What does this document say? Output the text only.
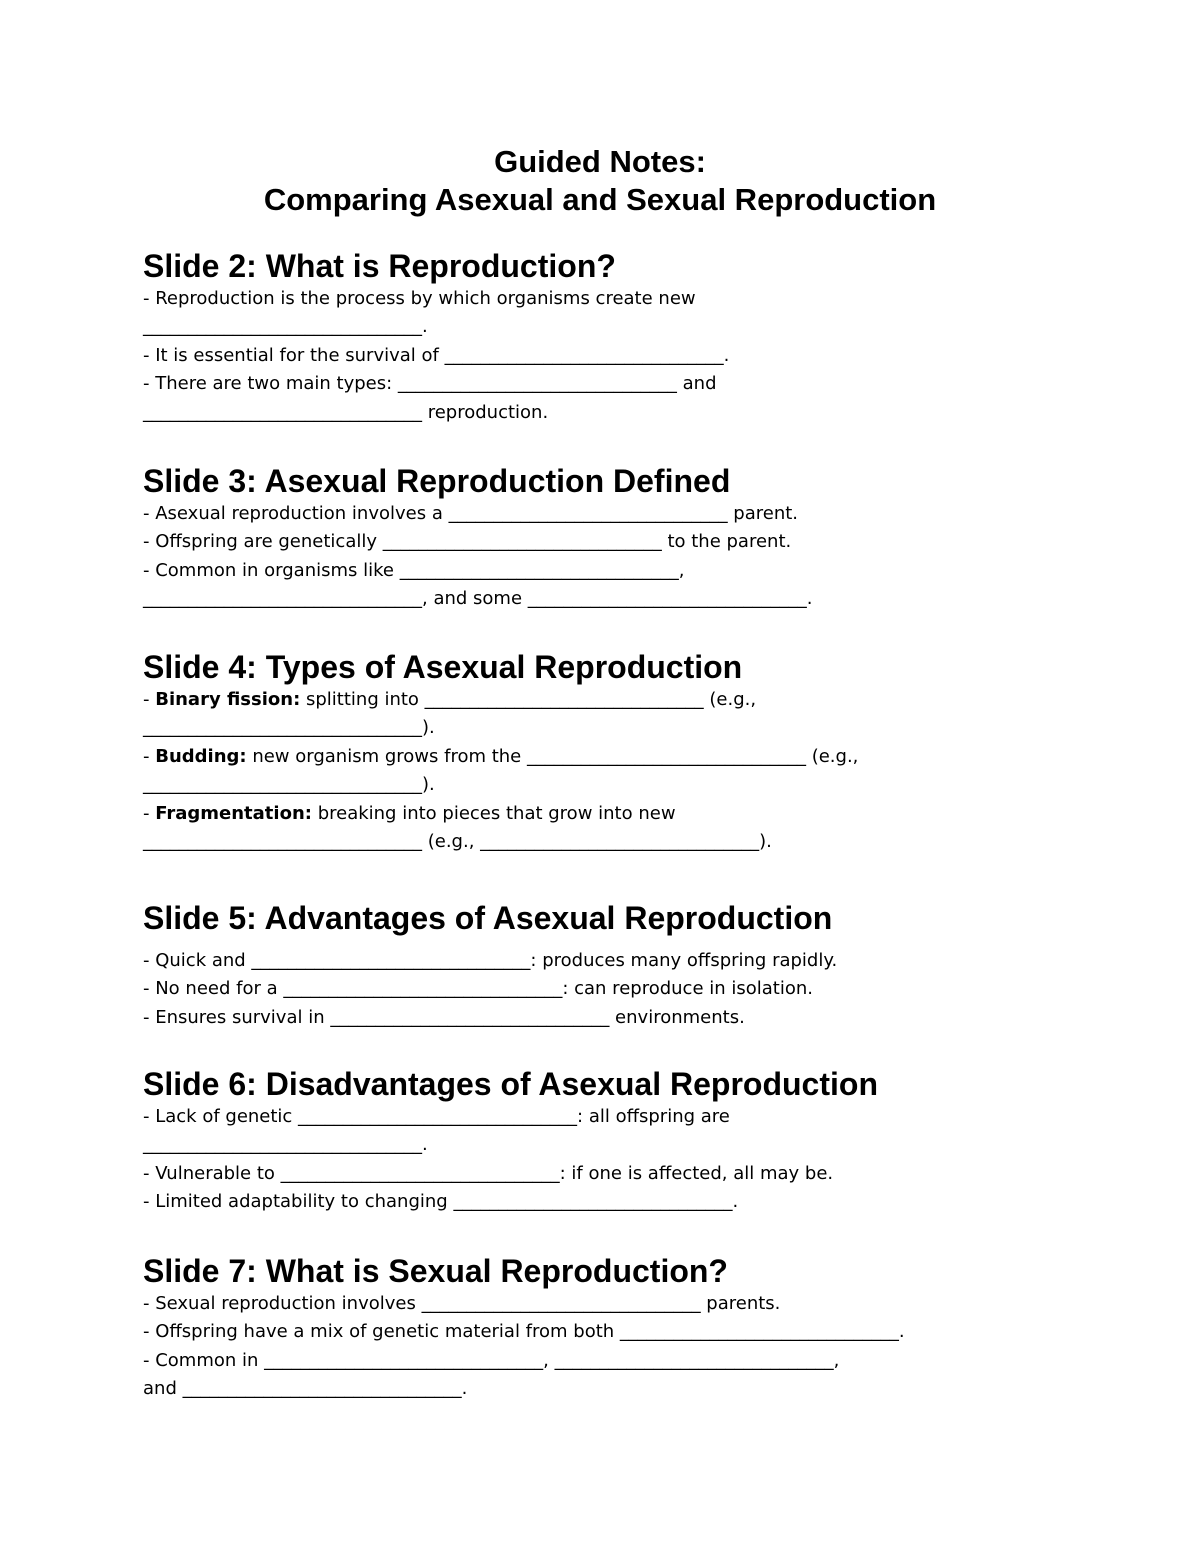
Guided Notes:
Comparing Asexual and Sexual Reproduction
Slide 2: What is Reproduction?
- Reproduction is the process by which organisms create new
_______________________________.
- It is essential for the survival of _______________________________.
- There are two main types: _______________________________ and
_______________________________ reproduction.
Slide 3: Asexual Reproduction Defined
- Asexual reproduction involves a _______________________________ parent.
- Offspring are genetically _______________________________ to the parent.
- Common in organisms like _______________________________,
_______________________________, and some _______________________________.
Slide 4: Types of Asexual Reproduction
- Binary fission: splitting into _______________________________ (e.g.,
_______________________________).
- Budding: new organism grows from the _______________________________ (e.g.,
_______________________________).
- Fragmentation: breaking into pieces that grow into new
_______________________________ (e.g., _______________________________).
Slide 5: Advantages of Asexual Reproduction
- Quick and _______________________________: produces many offspring rapidly.
- No need for a _______________________________: can reproduce in isolation.
- Ensures survival in _______________________________ environments.
Slide 6: Disadvantages of Asexual Reproduction
- Lack of genetic _______________________________: all offspring are
_______________________________.
- Vulnerable to _______________________________: if one is affected, all may be.
- Limited adaptability to changing _______________________________.
Slide 7: What is Sexual Reproduction?
- Sexual reproduction involves _______________________________ parents.
- Offspring have a mix of genetic material from both _______________________________.
- Common in _______________________________, _______________________________,
and _______________________________.
